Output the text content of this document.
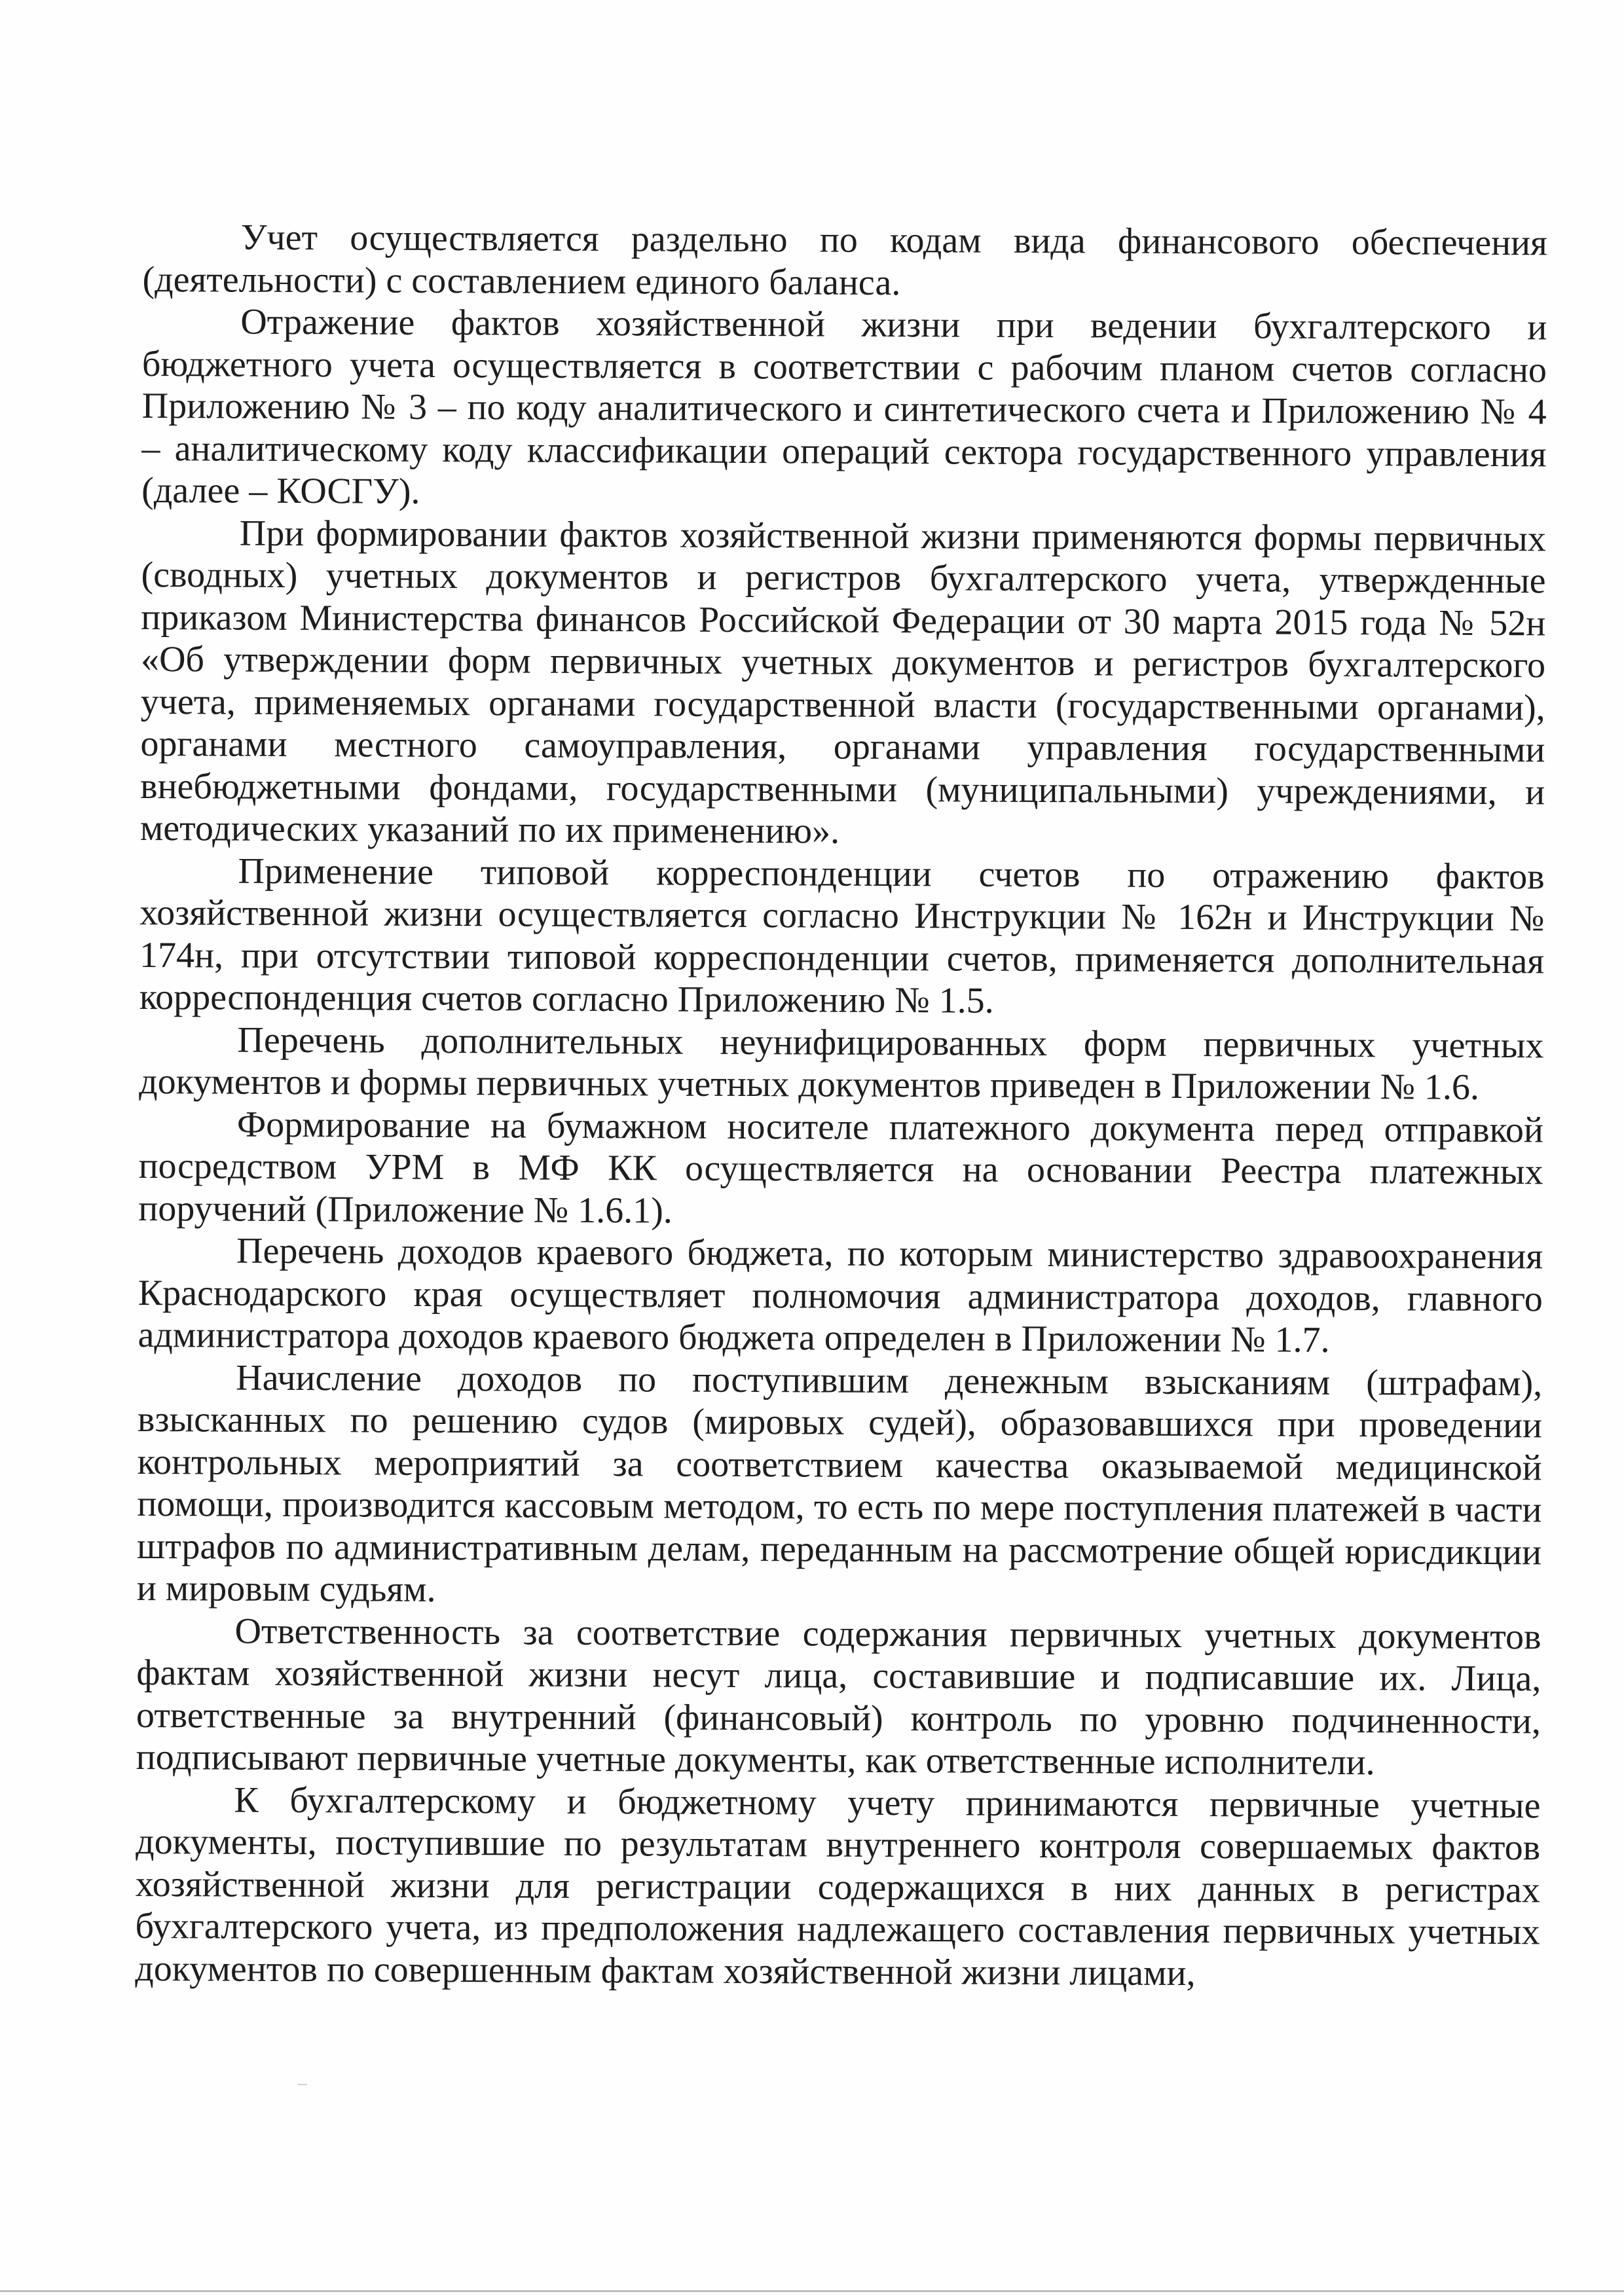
Учет осуществляется раздельно по кодам вида финансового обеспечения (деятельности) с составлением единого баланса.

Отражение фактов хозяйственной жизни при ведении бухгалтерского и бюджетного учета осуществляется в соответствии с рабочим планом счетов согласно Приложению № 3 – по коду аналитического и синтетического счета и Приложению № 4 – аналитическому коду классификации операций сектора государственного управления (далее – КОСГУ).

При формировании фактов хозяйственной жизни применяются формы первичных (сводных) учетных документов и регистров бухгалтерского учета, утвержденные приказом Министерства финансов Российской Федерации от 30 марта 2015 года № 52н «Об утверждении форм первичных учетных документов и регистров бухгалтерского учета, применяемых органами государственной власти (государственными органами), органами местного самоуправления, органами управления государственными внебюджетными фондами, государственными (муниципальными) учреждениями, и методических указаний по их применению».

Применение типовой корреспонденции счетов по отражению фактов хозяйственной жизни осуществляется согласно Инструкции № 162н и Инструкции № 174н, при отсутствии типовой корреспонденции счетов, применяется дополнительная корреспонденция счетов согласно Приложению № 1.5.

Перечень дополнительных неунифицированных форм первичных учетных документов и формы первичных учетных документов приведен в Приложении № 1.6.

Формирование на бумажном носителе платежного документа перед отправкой посредством УРМ в МФ КК осуществляется на основании Реестра платежных поручений (Приложение № 1.6.1).

Перечень доходов краевого бюджета, по которым министерство здравоохранения Краснодарского края осуществляет полномочия администратора доходов, главного администратора доходов краевого бюджета определен в Приложении № 1.7.

Начисление доходов по поступившим денежным взысканиям (штрафам), взысканных по решению судов (мировых судей), образовавшихся при проведении контрольных мероприятий за соответствием качества оказываемой медицинской помощи, производится кассовым методом, то есть по мере поступления платежей в части штрафов по административным делам, переданным на рассмотрение общей юрисдикции и мировым судьям.

Ответственность за соответствие содержания первичных учетных документов фактам хозяйственной жизни несут лица, составившие и подписавшие их. Лица, ответственные за внутренний (финансовый) контроль по уровню подчиненности, подписывают первичные учетные документы, как ответственные исполнители.

К бухгалтерскому и бюджетному учету принимаются первичные учетные документы, поступившие по результатам внутреннего контроля совершаемых фактов хозяйственной жизни для регистрации содержащихся в них данных в регистрах бухгалтерского учета, из предположения надлежащего составления первичных учетных документов по совершенным фактам хозяйственной жизни лицами,
